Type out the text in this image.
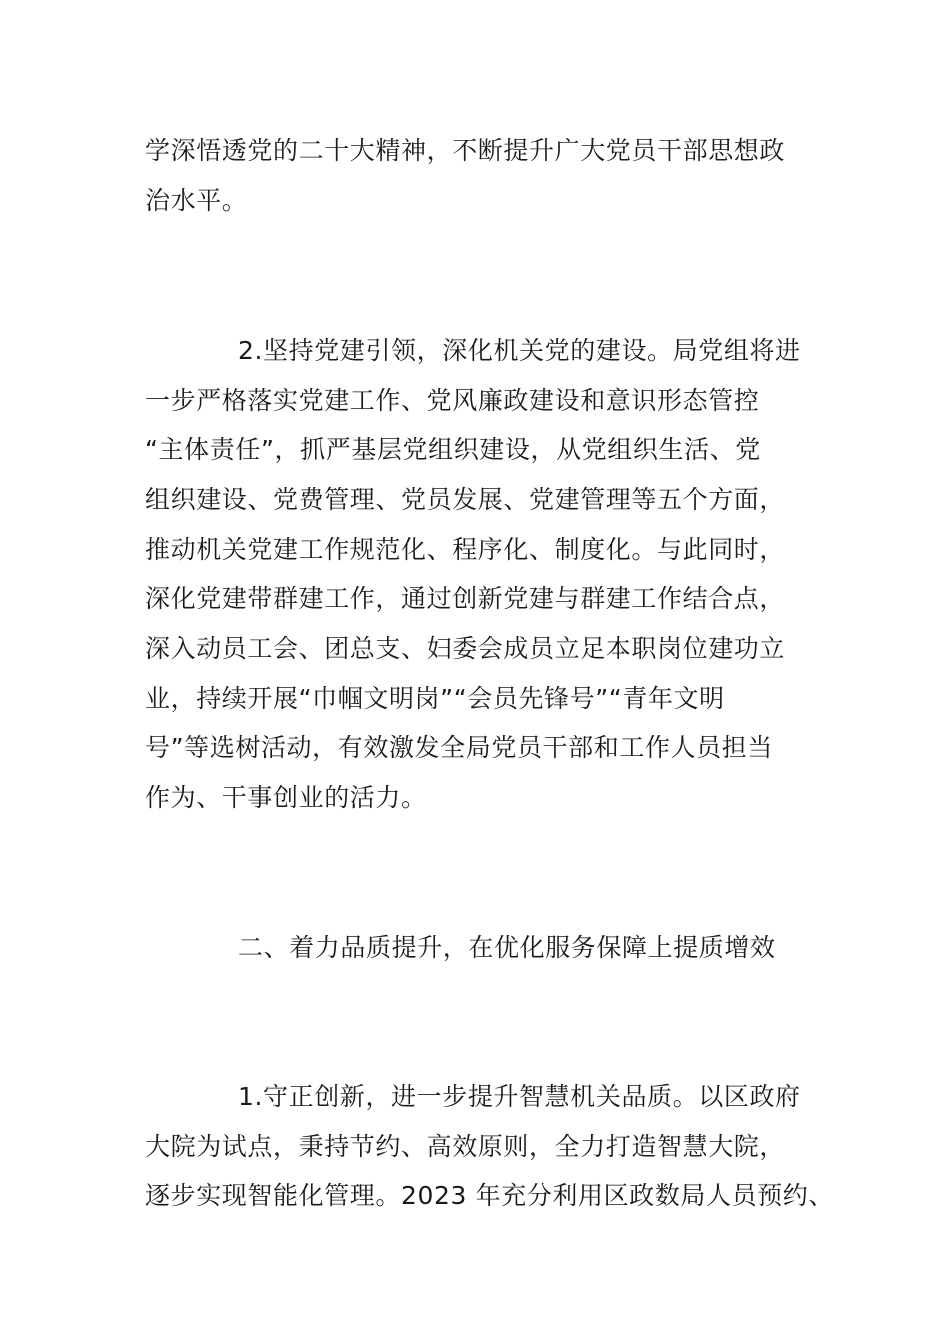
学深悟透党的二十大精神，不断提升广大党员干部思想政
治水平。
2.坚持党建引领，深化机关党的建设。局党组将进
一步严格落实党建工作、党风廉政建设和意识形态管控
“主体责任”，抓严基层党组织建设，从党组织生活、党
组织建设、党费管理、党员发展、党建管理等五个方面，
推动机关党建工作规范化、程序化、制度化。与此同时，
深化党建带群建工作，通过创新党建与群建工作结合点，
深入动员工会、团总支、妇委会成员立足本职岗位建功立
业，持续开展“巾帼文明岗”“会员先锋号”“青年文明
号”等选树活动，有效激发全局党员干部和工作人员担当
作为、干事创业的活力。
二、着力品质提升，在优化服务保障上提质增效
1.守正创新，进一步提升智慧机关品质。以区政府
大院为试点，秉持节约、高效原则，全力打造智慧大院，
逐步实现智能化管理。2023 年充分利用区政数局人员预约、
